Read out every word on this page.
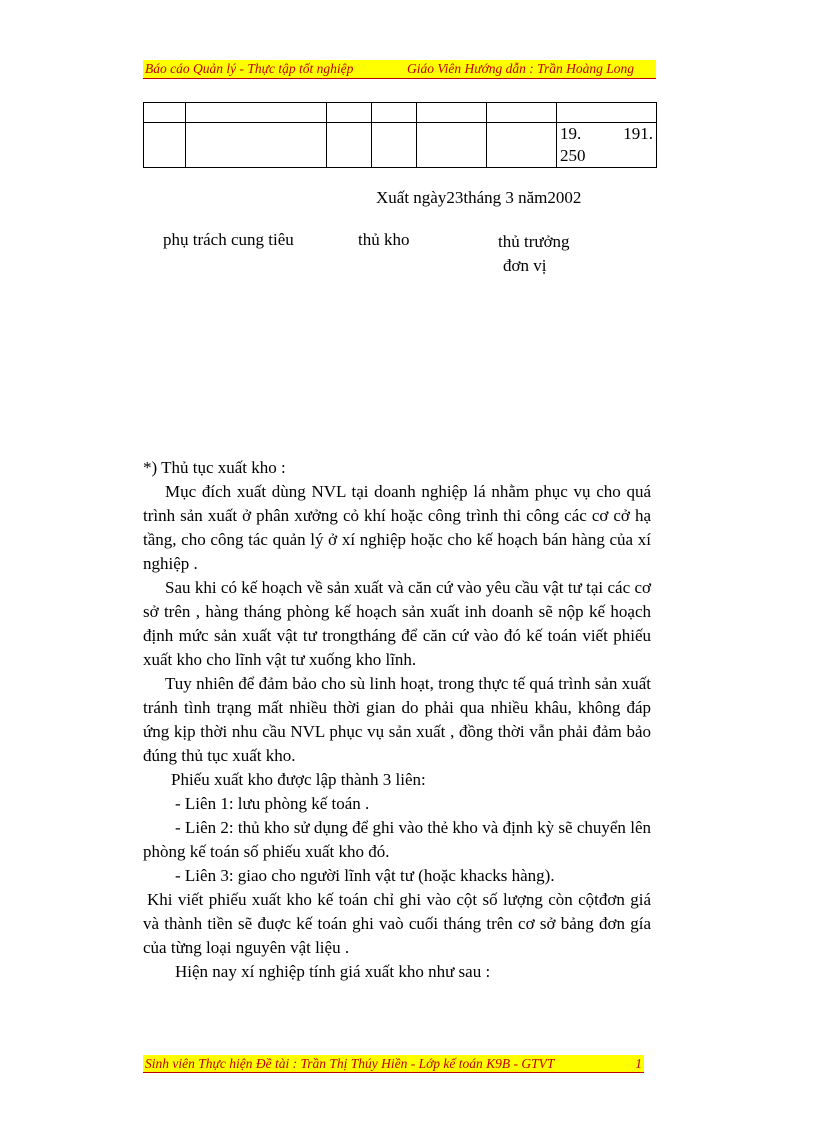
Báo cáo Quản lý - Thực tập tốt nghiệp	Giáo Viên Hướng dẫn : Trần Hoàng Long

						19. 191.
250
Xuất ngày23tháng 3 năm2002
phụ trách cung tiêu	thủ kho	thủ trưởng
đơn vị

*) Thủ tục xuất kho :

Mục đích xuất dùng NVL tại doanh nghiệp lá nhằm phục vụ cho quá trình sản xuất ở phân xưởng cỏ khí hoặc công trình thi công các cơ cở hạ tầng, cho công tác quản lý ở xí nghiệp hoặc cho kế hoạch bán hàng của xí nghiệp .

Sau khi có kế hoạch về sản xuất và căn cứ vào yêu cầu vật tư tại các cơ sở trên , hàng tháng phòng kế hoạch sản xuất inh doanh sẽ nộp kế hoạch định mức sản xuất vật tư trongtháng để căn cứ vào đó kế toán viết phiếu xuất kho cho lĩnh vật tư xuống kho lĩnh.

Tuy nhiên để đảm bảo cho sù linh hoạt, trong thực tế quá trình sản xuất tránh tình trạng mất nhiều thời gian do phải qua nhiều khâu, không đáp ứng kịp thời nhu cầu NVL phục vụ sản xuất , đồng thời vẫn phải đảm bảo đúng thủ tục xuất kho.

Phiếu xuất kho được lập thành 3 liên:

- Liên 1: lưu phòng kế toán .

- Liên 2: thủ kho sử dụng để ghi vào thẻ kho và định kỳ sẽ chuyển lên phòng kế toán số phiếu xuất kho đó.

- Liên 3: giao cho người lĩnh vật tư (hoặc khacks hàng).

Khi viết phiếu xuất kho kế toán chỉ ghi vào cột số lượng còn cộtđơn giá và thành tiền sẽ đuợc kế toán ghi vaò cuối tháng trên cơ sở bảng đơn gía của từng loại nguyên vật liệu .

Hiện nay xí nghiệp tính giá xuất kho như sau :

Sinh viên Thực hiện Đề tài : Trần Thị Thúy Hiền - Lớp kế toán K9B - GTVT	1
